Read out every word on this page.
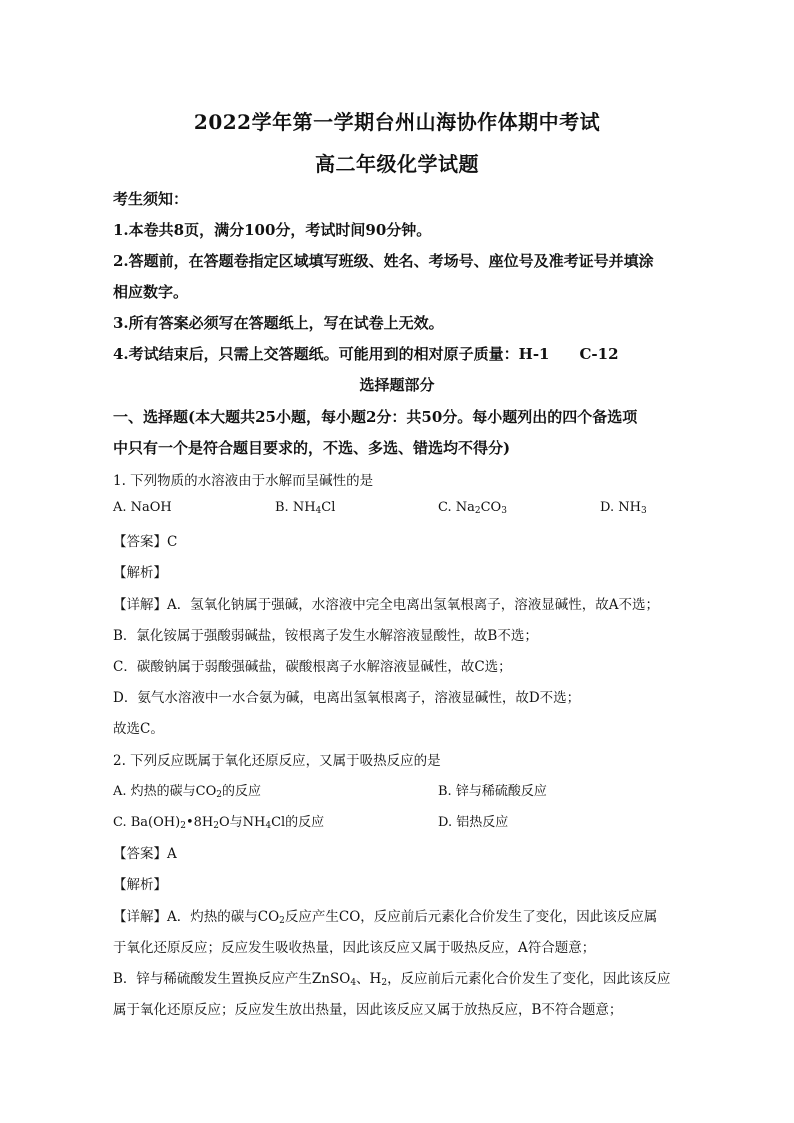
2022学年第一学期台州山海协作体期中考试
高二年级化学试题
考生须知：
1.本卷共8页，满分100分，考试时间90分钟。
2.答题前，在答题卷指定区域填写班级、姓名、考场号、座位号及准考证号并填涂
相应数字。
3.所有答案必须写在答题纸上，写在试卷上无效。
4.考试结束后，只需上交答题纸。可能用到的相对原子质量：H-1　　C-12
选择题部分
一、选择题(本大题共25小题，每小题2分：共50分。每小题列出的四个备选项
中只有一个是符合题目要求的，不选、多选、错选均不得分)
1. 下列物质的水溶液由于水解而呈碱性的是
A. NaOH	B. $NH_4Cl$	C. $Na_2CO_3$	D. $NH_3$
【答案】C
【解析】
【详解】A．氢氧化钠属于强碱，水溶液中完全电离出氢氧根离子，溶液显碱性，故A不选；
B．氯化铵属于强酸弱碱盐，铵根离子发生水解溶液显酸性，故B不选；
C．碳酸钠属于弱酸强碱盐，碳酸根离子水解溶液显碱性，故C选；
D．氨气水溶液中一水合氨为碱，电离出氢氧根离子，溶液显碱性，故D不选；
故选C。
2. 下列反应既属于氧化还原反应，又属于吸热反应的是
A. 灼热的碳与$CO_2$的反应	B. 锌与稀硫酸反应
C. $Ba(OH)_2•8H_2O$与$NH_4Cl$的反应	D. 铝热反应
【答案】A
【解析】
【详解】A．灼热的碳与$CO_2$反应产生CO，反应前后元素化合价发生了变化，因此该反应属
于氧化还原反应；反应发生吸收热量，因此该反应又属于吸热反应，A符合题意；
B．锌与稀硫酸发生置换反应产生ZnSO$_4$、$H_2$，反应前后元素化合价发生了变化，因此该反应
属于氧化还原反应；反应发生放出热量，因此该反应又属于放热反应，B不符合题意；
